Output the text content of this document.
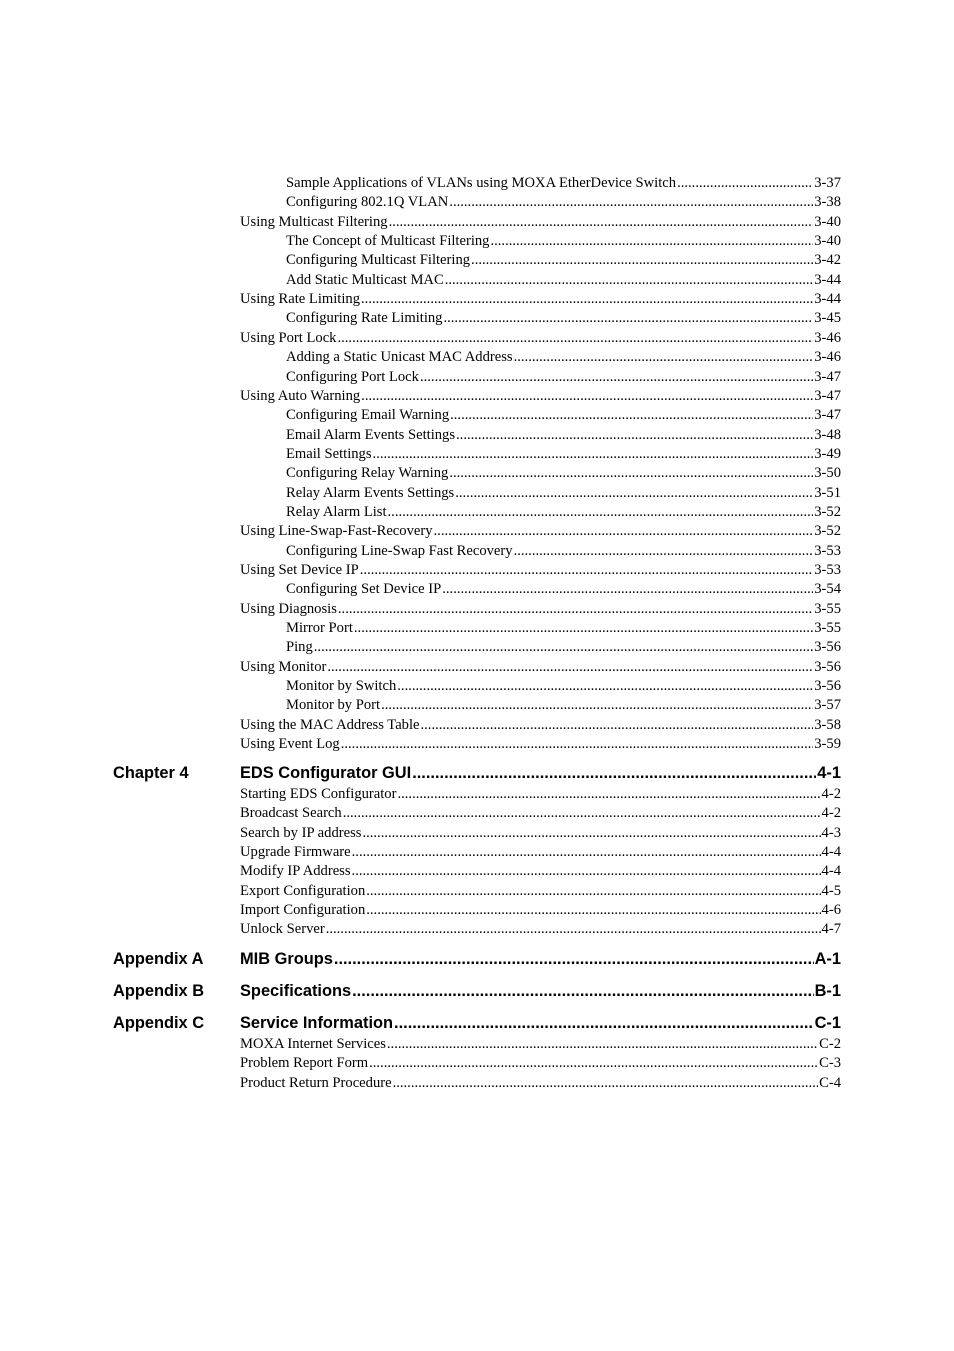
Sample Applications of VLANs using MOXA EtherDevice Switch .....	3-37
Configuring 802.1Q VLAN .....	3-38
Using Multicast Filtering .....	3-40
The Concept of Multicast Filtering .....	3-40
Configuring Multicast Filtering .....	3-42
Add Static Multicast MAC .....	3-44
Using Rate Limiting .....	3-44
Configuring Rate Limiting .....	3-45
Using Port Lock .....	3-46
Adding a Static Unicast MAC Address .....	3-46
Configuring Port Lock .....	3-47
Using Auto Warning .....	3-47
Configuring Email Warning .....	3-47
Email Alarm Events Settings .....	3-48
Email Settings .....	3-49
Configuring Relay Warning .....	3-50
Relay Alarm Events Settings .....	3-51
Relay Alarm List .....	3-52
Using Line-Swap-Fast-Recovery .....	3-52
Configuring Line-Swap Fast Recovery .....	3-53
Using Set Device IP .....	3-53
Configuring Set Device IP .....	3-54
Using Diagnosis .....	3-55
Mirror Port .....	3-55
Ping .....	3-56
Using Monitor .....	3-56
Monitor by Switch .....	3-56
Monitor by Port .....	3-57
Using the MAC Address Table .....	3-58
Using Event Log .....	3-59
Chapter 4	EDS Configurator GUI .....	4-1
Starting EDS Configurator .....	4-2
Broadcast Search .....	4-2
Search by IP address .....	4-3
Upgrade Firmware .....	4-4
Modify IP Address .....	4-4
Export Configuration .....	4-5
Import Configuration .....	4-6
Unlock Server .....	4-7
Appendix A MIB Groups .....	A-1
Appendix B Specifications .....	B-1
Appendix C Service Information .....	C-1
MOXA Internet Services .....	C-2
Problem Report Form .....	C-3
Product Return Procedure .....	C-4
